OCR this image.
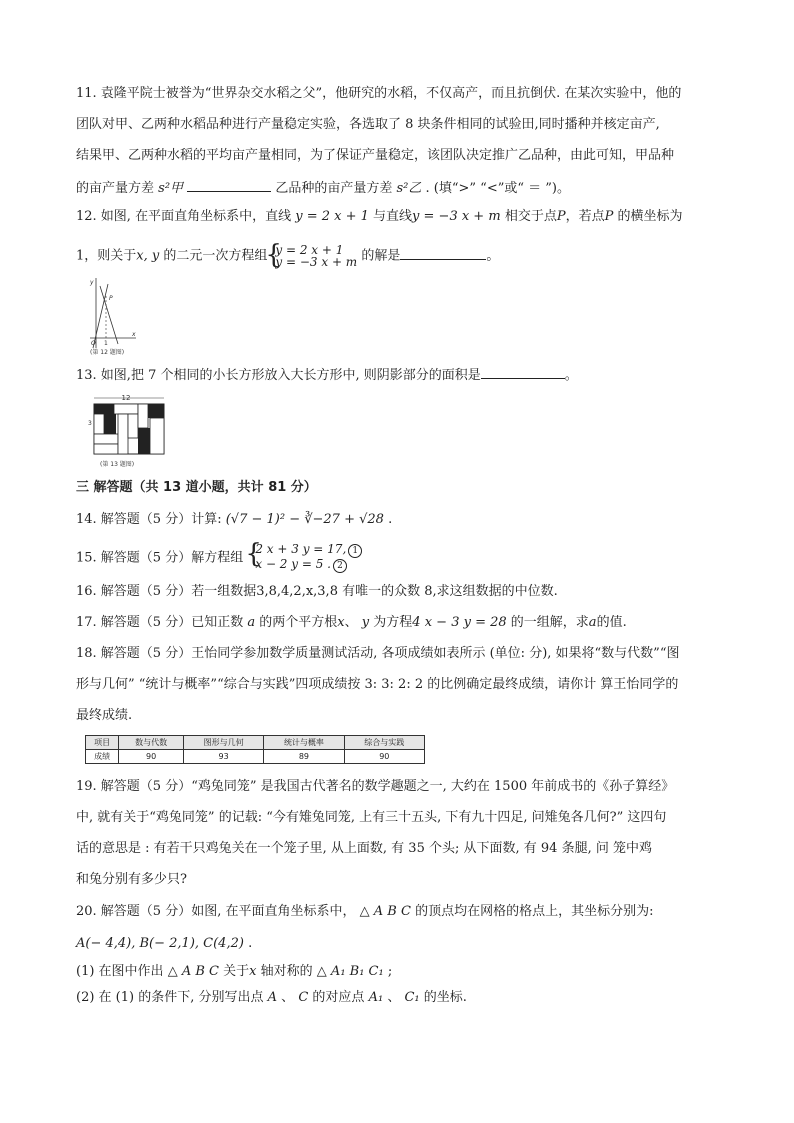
11. 袁隆平院士被誉为“世界杂交水稻之父”，他研究的水稻，不仅高产，而且抗倒伏. 在某次实验中，他的
团队对甲、乙两种水稻品种进行产量稳定实验，各选取了 8 块条件相同的试验田,同时播种并核定亩产,
结果甲、乙两种水稻的平均亩产量相同，为了保证产量稳定，该团队决定推广乙品种，由此可知，甲品种
的亩产量方差 s²甲	乙品种的亩产量方差 s²乙 . (填“>” “<”或“ ＝ ”)。
12. 如图, 在平面直角坐标系中，直线 y = 2 x + 1 与直线y = −3 x + m 相交于点P，若点P 的横坐标为
1，则关于x, y 的二元一次方程组 { y = 2 x + 1
y = −3 x + m 的解是	。
y
x
O 1
P
(第 12 题图)
13. 如图,把 7 个相同的小长方形放入大长方形中, 则阴影部分的面积是	。
12
3
(第 13 题图)
三 解答题（共 13 道小题，共计 81 分）
14. 解答题（5 分）计算: (√7 − 1)² − ∛−27 + √28 .
15. 解答题（5 分）解方程组 { 2 x + 3 y = 17, 1
x − 2 y = 5 . 2
16. 解答题（5 分）若一组数据3,8,4,2,x,3,8 有唯一的众数 8,求这组数据的中位数.
17. 解答题（5 分）已知正数 a 的两个平方根x、 y 为方程4 x − 3 y = 28 的一组解，求a的值.
18. 解答题（5 分）王怡同学参加数学质量测试活动, 各项成绩如表所示 (单位: 分), 如果将“数与代数”“图
形与几何” “统计与概率”“综合与实践”四项成绩按 3: 3: 2: 2 的比例确定最终成绩，请你计 算王怡同学的
最终成绩.
项目	数与代数	图形与几何	统计与概率	综合与实践
成绩	90	93	89	90
19. 解答题（5 分）“鸡兔同笼” 是我国古代著名的数学趣题之一, 大约在 1500 年前成书的《孙子算经》
中, 就有关于“鸡兔同笼” 的记载: “今有雉兔同笼, 上有三十五头, 下有九十四足, 问雉兔各几何?” 这四句
话的意思是 : 有若干只鸡兔关在一个笼子里, 从上面数, 有 35 个头; 从下面数, 有 94 条腿, 问 笼中鸡
和兔分别有多少只?
20. 解答题（5 分）如图, 在平面直角坐标系中， △ A B C 的顶点均在网格的格点上，其坐标分别为:
A(− 4,4), B(− 2,1), C(4,2) .
(1) 在图中作出 △ A B C 关于x 轴对称的 △ A₁ B₁ C₁ ;
(2) 在 (1) 的条件下, 分别写出点 A 、 C 的对应点 A₁ 、 C₁ 的坐标.
